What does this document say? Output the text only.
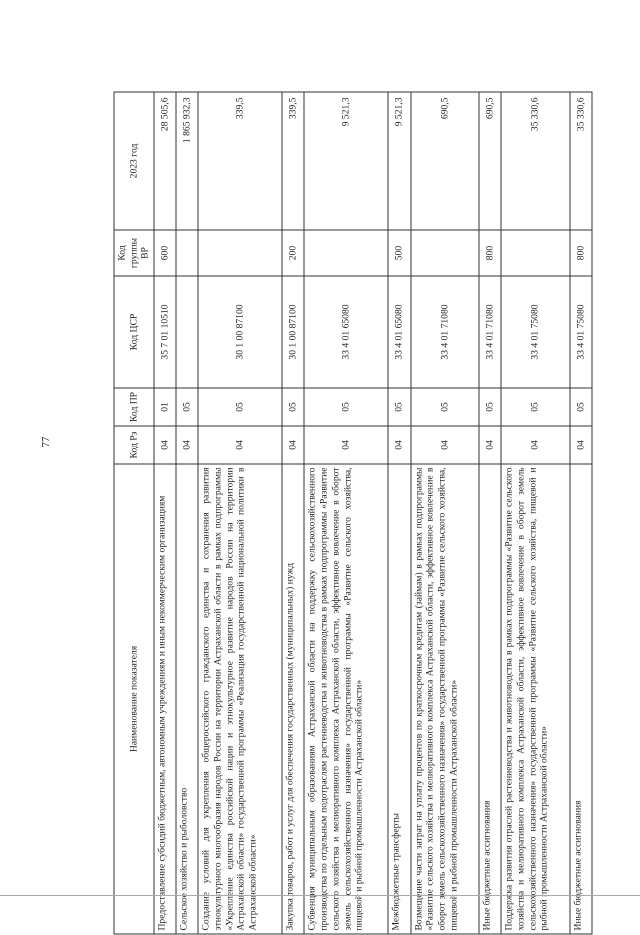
77
Наименование показателя	Код Рз	Код ПР	Код ЦСР	Код группы ВР	2023 год
Предоставление субсидий бюджетным, автономным учреждениям и иным некоммерческим организациям	04	01	35 7 01 10510	600	28 505,6
Сельское хозяйство и рыболовство	04	05			1 865 932,3
Создание условий для укрепления общероссийского гражданского единства и сохранения развития этнокультурного многообразия народов России на территории Астраханской области в рамках подпрограммы «Укрепление единства российской нации и этнокультурное развитие народов России на территории Астраханской области» государственной программы «Реализация государственной национальной политики в Астраханской области»	04	05	30 1 00 87100		339,5
Закупка товаров, работ и услуг для обеспечения государственных (муниципальных) нужд	04	05	30 1 00 87100	200	339,5
Субвенция муниципальным образованиям Астраханской области на поддержку сельскохозяйственного производства по отдельным подотраслям растениеводства и животноводства в рамках подпрограммы «Развитие сельского хозяйства и мелиоративного комплекса Астраханской области, эффективное вовлечение в оборот земель сельскохозяйственного назначения» государственной программы «Развитие сельского хозяйства, пищевой и рыбной промышленности Астраханской области»	04	05	33 4 01 65080		9 521,3
Межбюджетные трансферты	04	05	33 4 01 65080	500	9 521,3
Возмещение части затрат на уплату процентов по краткосрочным кредитам (займам) в рамках подпрограммы «Развитие сельского хозяйства и мелиоративного комплекса Астраханской области, эффективное вовлечение в оборот земель сельскохозяйственного назначения» государственной программы «Развитие сельского хозяйства, пищевой и рыбной промышленности Астраханской области»	04	05	33 4 01 71080		690,5
Иные бюджетные ассигнования	04	05	33 4 01 71080	800	690,5
Поддержка развития отраслей растениеводства и животноводства в рамках подпрограммы «Развитие сельского хозяйства и мелиоративного комплекса Астраханской области, эффективное вовлечение в оборот земель сельскохозяйственного назначения» государственной программы «Развитие сельского хозяйства, пищевой и рыбной промышленности Астраханской области»	04	05	33 4 01 75080		35 330,6
Иные бюджетные ассигнования	04	05	33 4 01 75080	800	35 330,6
